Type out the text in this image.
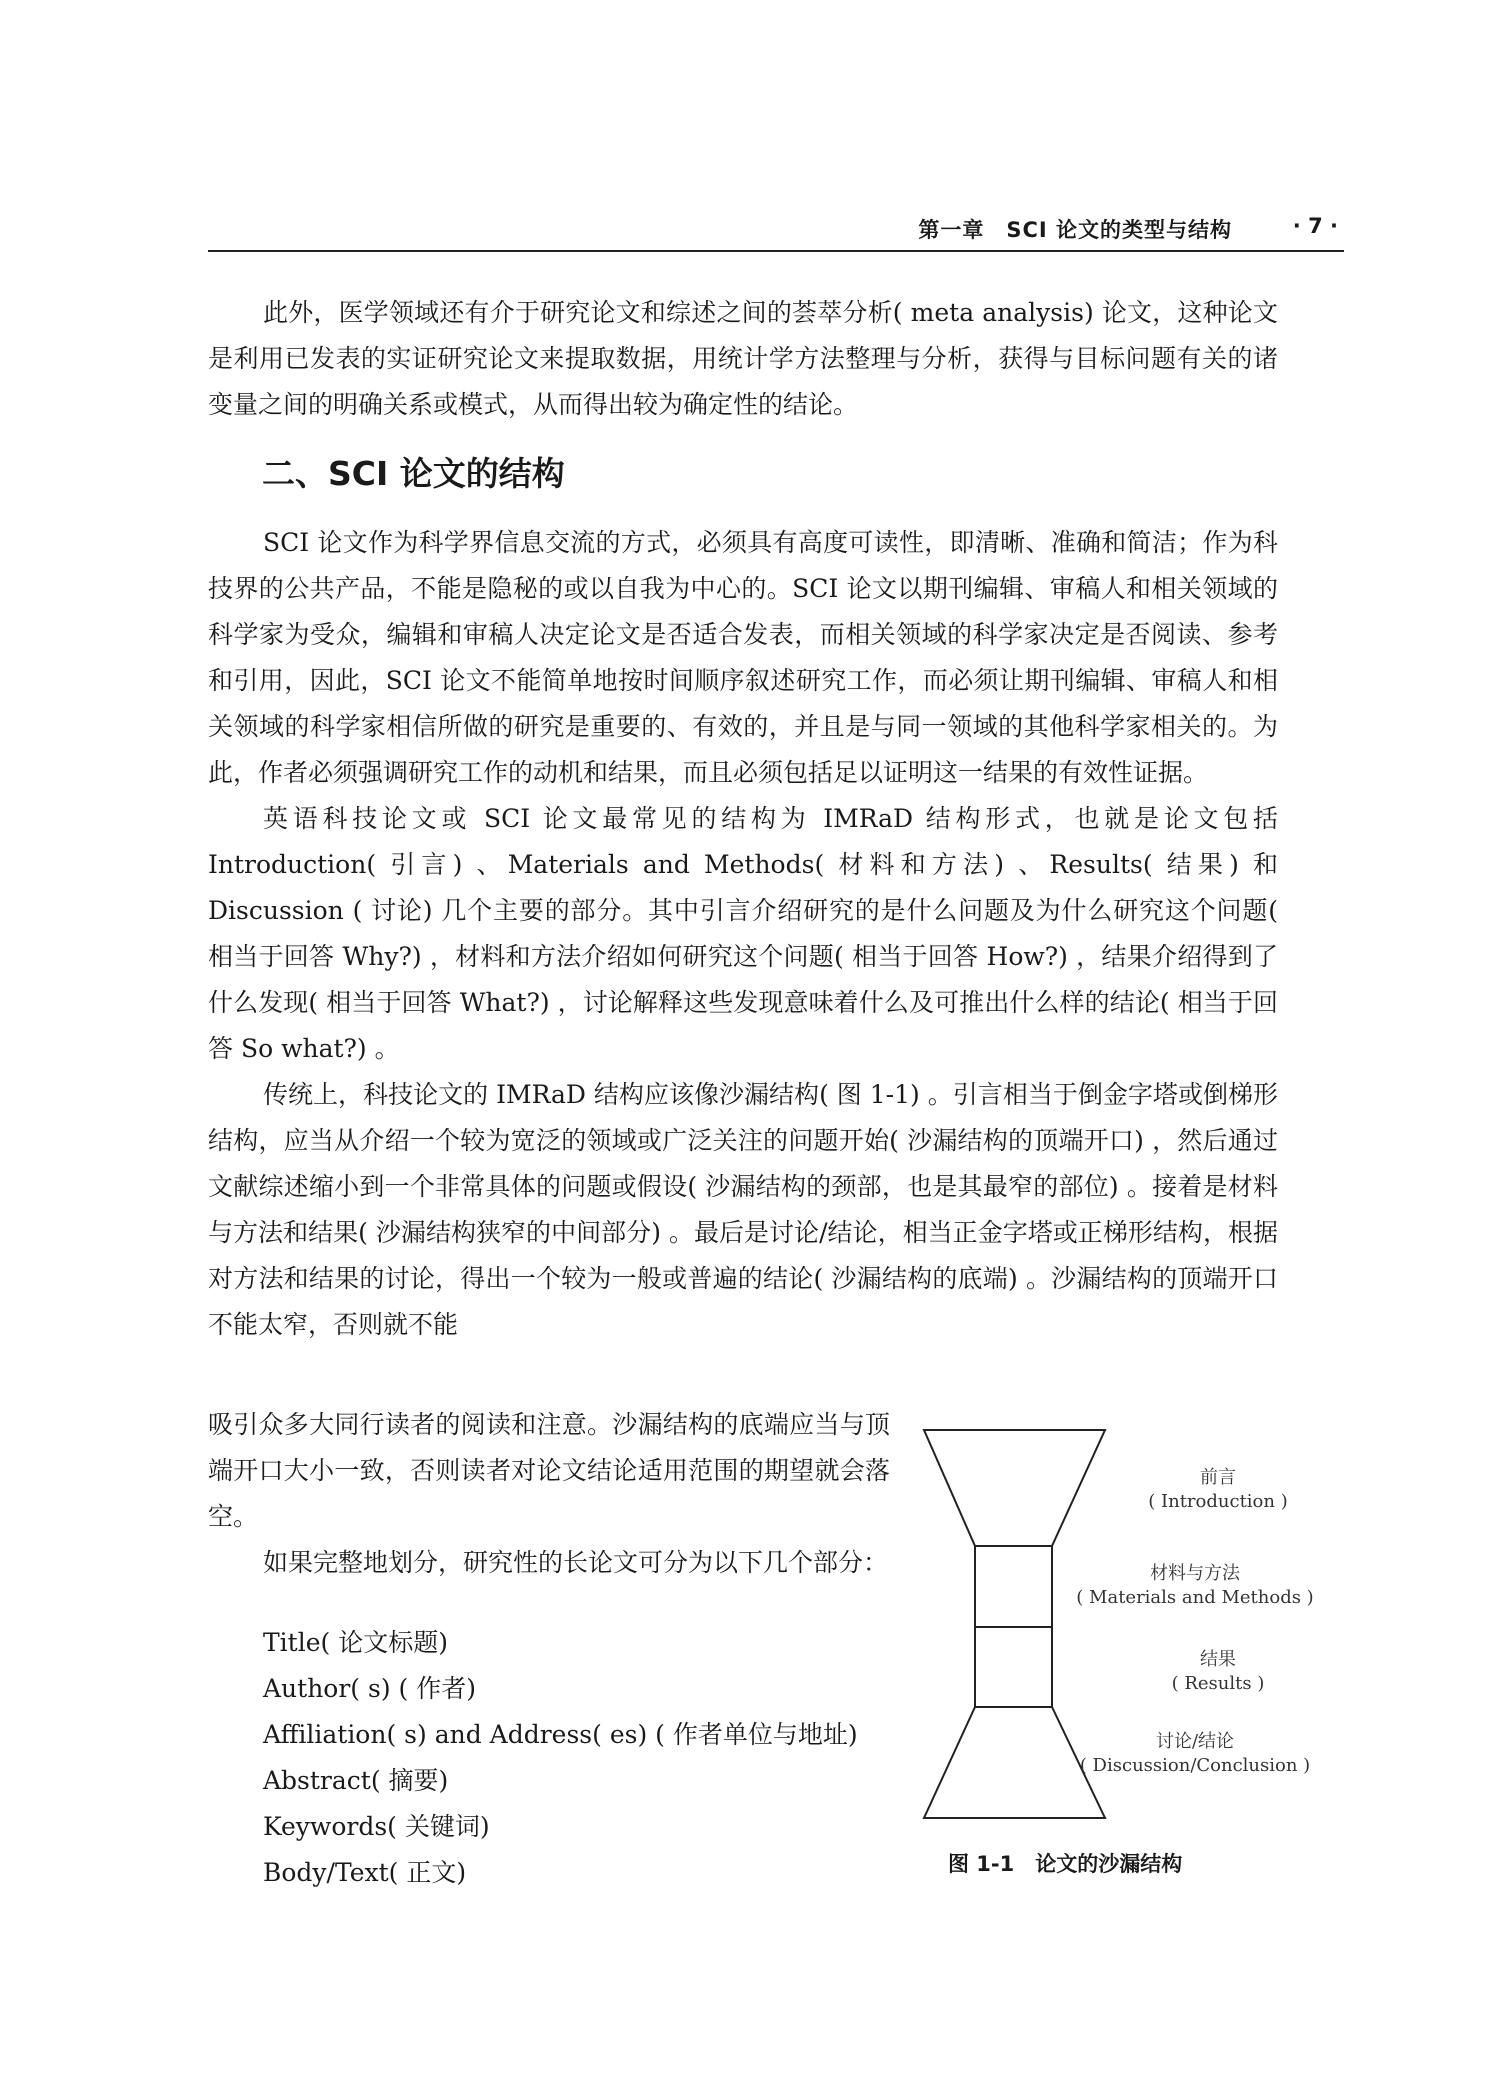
第一章　SCI 论文的类型与结构	· 7 ·

此外，医学领域还有介于研究论文和综述之间的荟萃分析( meta analysis) 论文，这种论文是利用已发表的实证研究论文来提取数据，用统计学方法整理与分析，获得与目标问题有关的诸变量之间的明确关系或模式，从而得出较为确定性的结论。

二、SCI 论文的结构

SCI 论文作为科学界信息交流的方式，必须具有高度可读性，即清晰、准确和简洁；作为科技界的公共产品，不能是隐秘的或以自我为中心的。SCI 论文以期刊编辑、审稿人和相关领域的科学家为受众，编辑和审稿人决定论文是否适合发表，而相关领域的科学家决定是否阅读、参考和引用，因此，SCI 论文不能简单地按时间顺序叙述研究工作，而必须让期刊编辑、审稿人和相关领域的科学家相信所做的研究是重要的、有效的，并且是与同一领域的其他科学家相关的。为此，作者必须强调研究工作的动机和结果，而且必须包括足以证明这一结果的有效性证据。

英语科技论文或 SCI 论文最常见的结构为 IMRaD 结构形式，也就是论文包括 Introduction( 引言) 、Materials and Methods( 材料和方法) 、Results( 结果) 和 Discussion ( 讨论) 几个主要的部分。其中引言介绍研究的是什么问题及为什么研究这个问题( 相当于回答 Why?) ，材料和方法介绍如何研究这个问题( 相当于回答 How?) ，结果介绍得到了什么发现( 相当于回答 What?) ，讨论解释这些发现意味着什么及可推出什么样的结论( 相当于回答 So what?) 。

传统上，科技论文的 IMRaD 结构应该像沙漏结构( 图 1-1) 。引言相当于倒金字塔或倒梯形结构，应当从介绍一个较为宽泛的领域或广泛关注的问题开始( 沙漏结构的顶端开口) ，然后通过文献综述缩小到一个非常具体的问题或假设( 沙漏结构的颈部，也是其最窄的部位) 。接着是材料与方法和结果( 沙漏结构狭窄的中间部分) 。最后是讨论/结论，相当正金字塔或正梯形结构，根据对方法和结果的讨论，得出一个较为一般或普遍的结论( 沙漏结构的底端) 。沙漏结构的顶端开口不能太窄，否则就不能

吸引众多大同行读者的阅读和注意。沙漏结构的底端应当与顶端开口大小一致，否则读者对论文结论适用范围的期望就会落空。

如果完整地划分，研究性的长论文可分为以下几个部分：

Title( 论文标题)
Author( s) ( 作者)
Affiliation( s) and Address( es) ( 作者单位与地址)
Abstract( 摘要)
Keywords( 关键词)
Body/Text( 正文)
前言
( Introduction )
材料与方法
( Materials and Methods )
结果
( Results )
讨论/结论
( Discussion/Conclusion )
图 1-1　论文的沙漏结构
